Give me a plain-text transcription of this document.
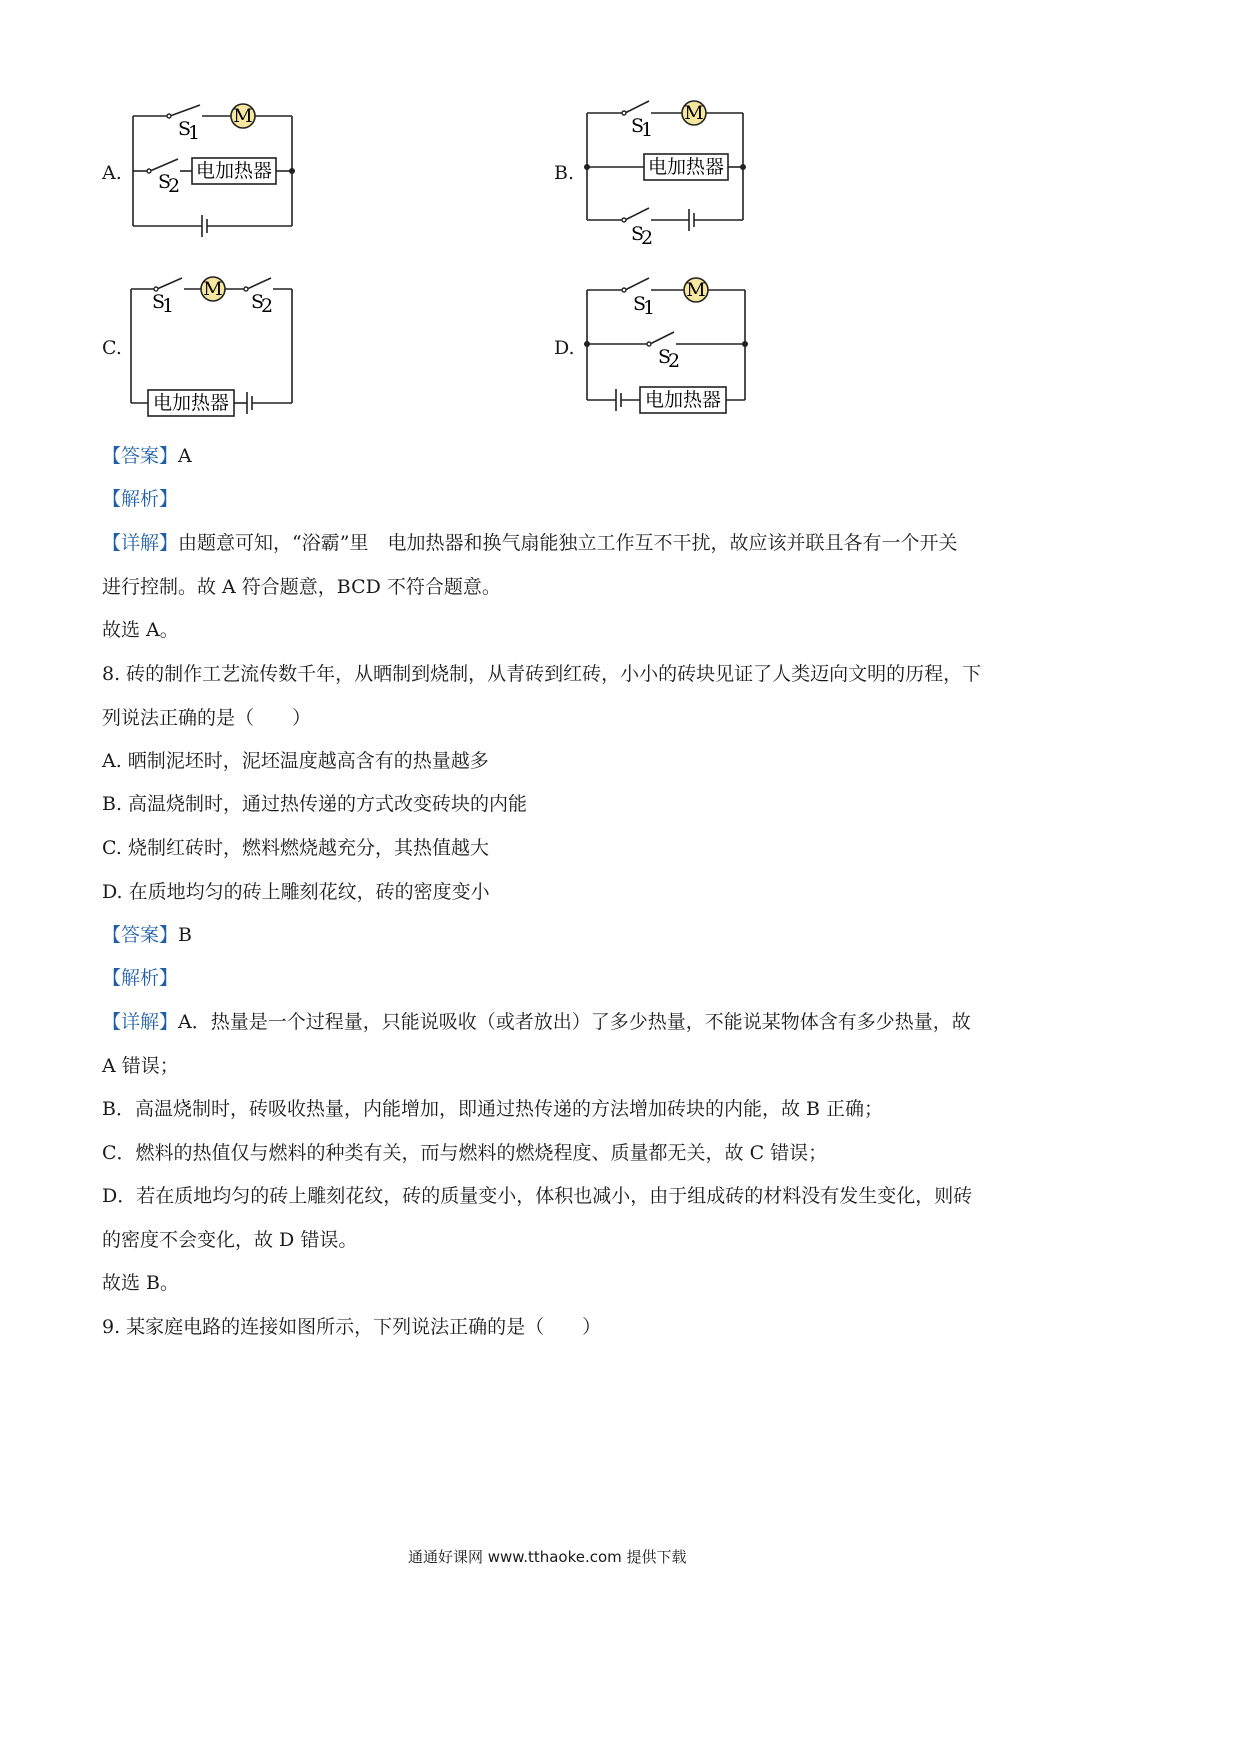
A.
M
电加热器
S
1
S
2
B.
M
电加热器
S
1
S
2
C.
M
电加热器
S
1	S
2
D.
M
电加热器
S
1
S
2
【答案】A
【解析】
【详解】由题意可知，“浴霸”里　电加热器和换气扇能独立工作互不干扰，故应该并联且各有一个开关
进行控制。故 A 符合题意，BCD 不符合题意。
故选 A。
8. 砖的制作工艺流传数千年，从晒制到烧制，从青砖到红砖，小小的砖块见证了人类迈向文明的历程，下
列说法正确的是（　　）
A. 晒制泥坯时，泥坯温度越高含有的热量越多
B. 高温烧制时，通过热传递的方式改变砖块的内能
C. 烧制红砖时，燃料燃烧越充分，其热值越大
D. 在质地均匀的砖上雕刻花纹，砖的密度变小
【答案】B
【解析】
【详解】A．热量是一个过程量，只能说吸收（或者放出）了多少热量，不能说某物体含有多少热量，故
A 错误；
B．高温烧制时，砖吸收热量，内能增加，即通过热传递的方法增加砖块的内能，故 B 正确；
C．燃料的热值仅与燃料的种类有关，而与燃料的燃烧程度、质量都无关，故 C 错误；
D．若在质地均匀的砖上雕刻花纹，砖的质量变小，体积也减小，由于组成砖的材料没有发生变化，则砖
的密度不会变化，故 D 错误。
故选 B。
9. 某家庭电路的连接如图所示，下列说法正确的是（　　）
通通好课网 www.tthaoke.com 提供下载
